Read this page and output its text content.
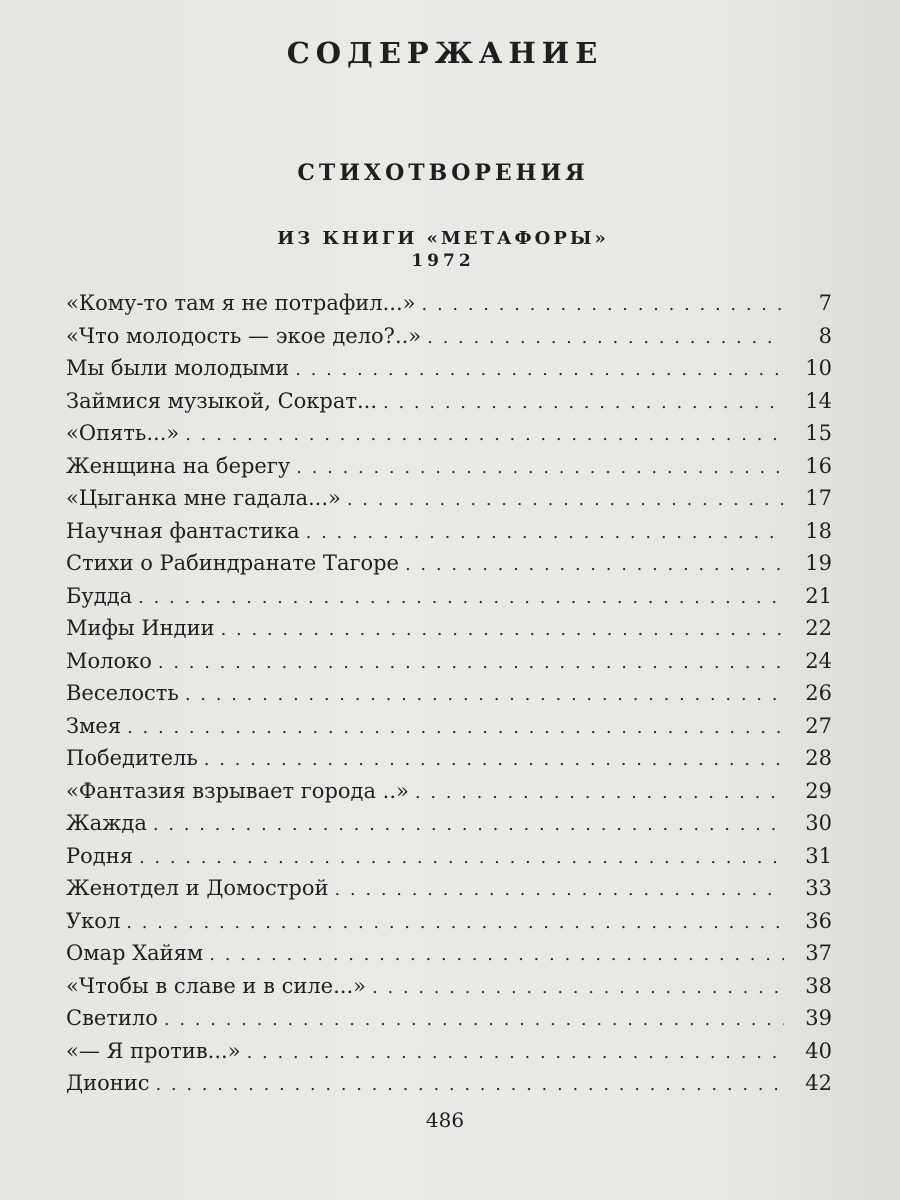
СОДЕРЖАНИЕ
СТИХОТВОРЕНИЯ
ИЗ КНИГИ «МЕТАФОРЫ»
1972
«Кому-то там я не потрафил...» . . .	7
«Что молодость — экое дело?..» . . .	8
Мы были молодыми . . .	10
Займися музыкой, Сократ... . . .	14
«Опять...» . . .	15
Женщина на берегу . . .	16
«Цыганка мне гадала...» . . .	17
Научная фантастика . . .	18
Стихи о Рабиндранате Тагоре . . .	19
Будда . . .	21
Мифы Индии . . .	22
Молоко . . .	24
Веселость . . .	26
Змея . . .	27
Победитель . . .	28
«Фантазия взрывает города ..» . . .	29
Жажда . . .	30
Родня . . .	31
Женотдел и Домострой . . .	33
Укол . . .	36
Омар Хайям . . .	37
«Чтобы в славе и в силе...» . . .	38
Светило . . .	39
«— Я против...» . . .	40
Дионис . . .	42
486
